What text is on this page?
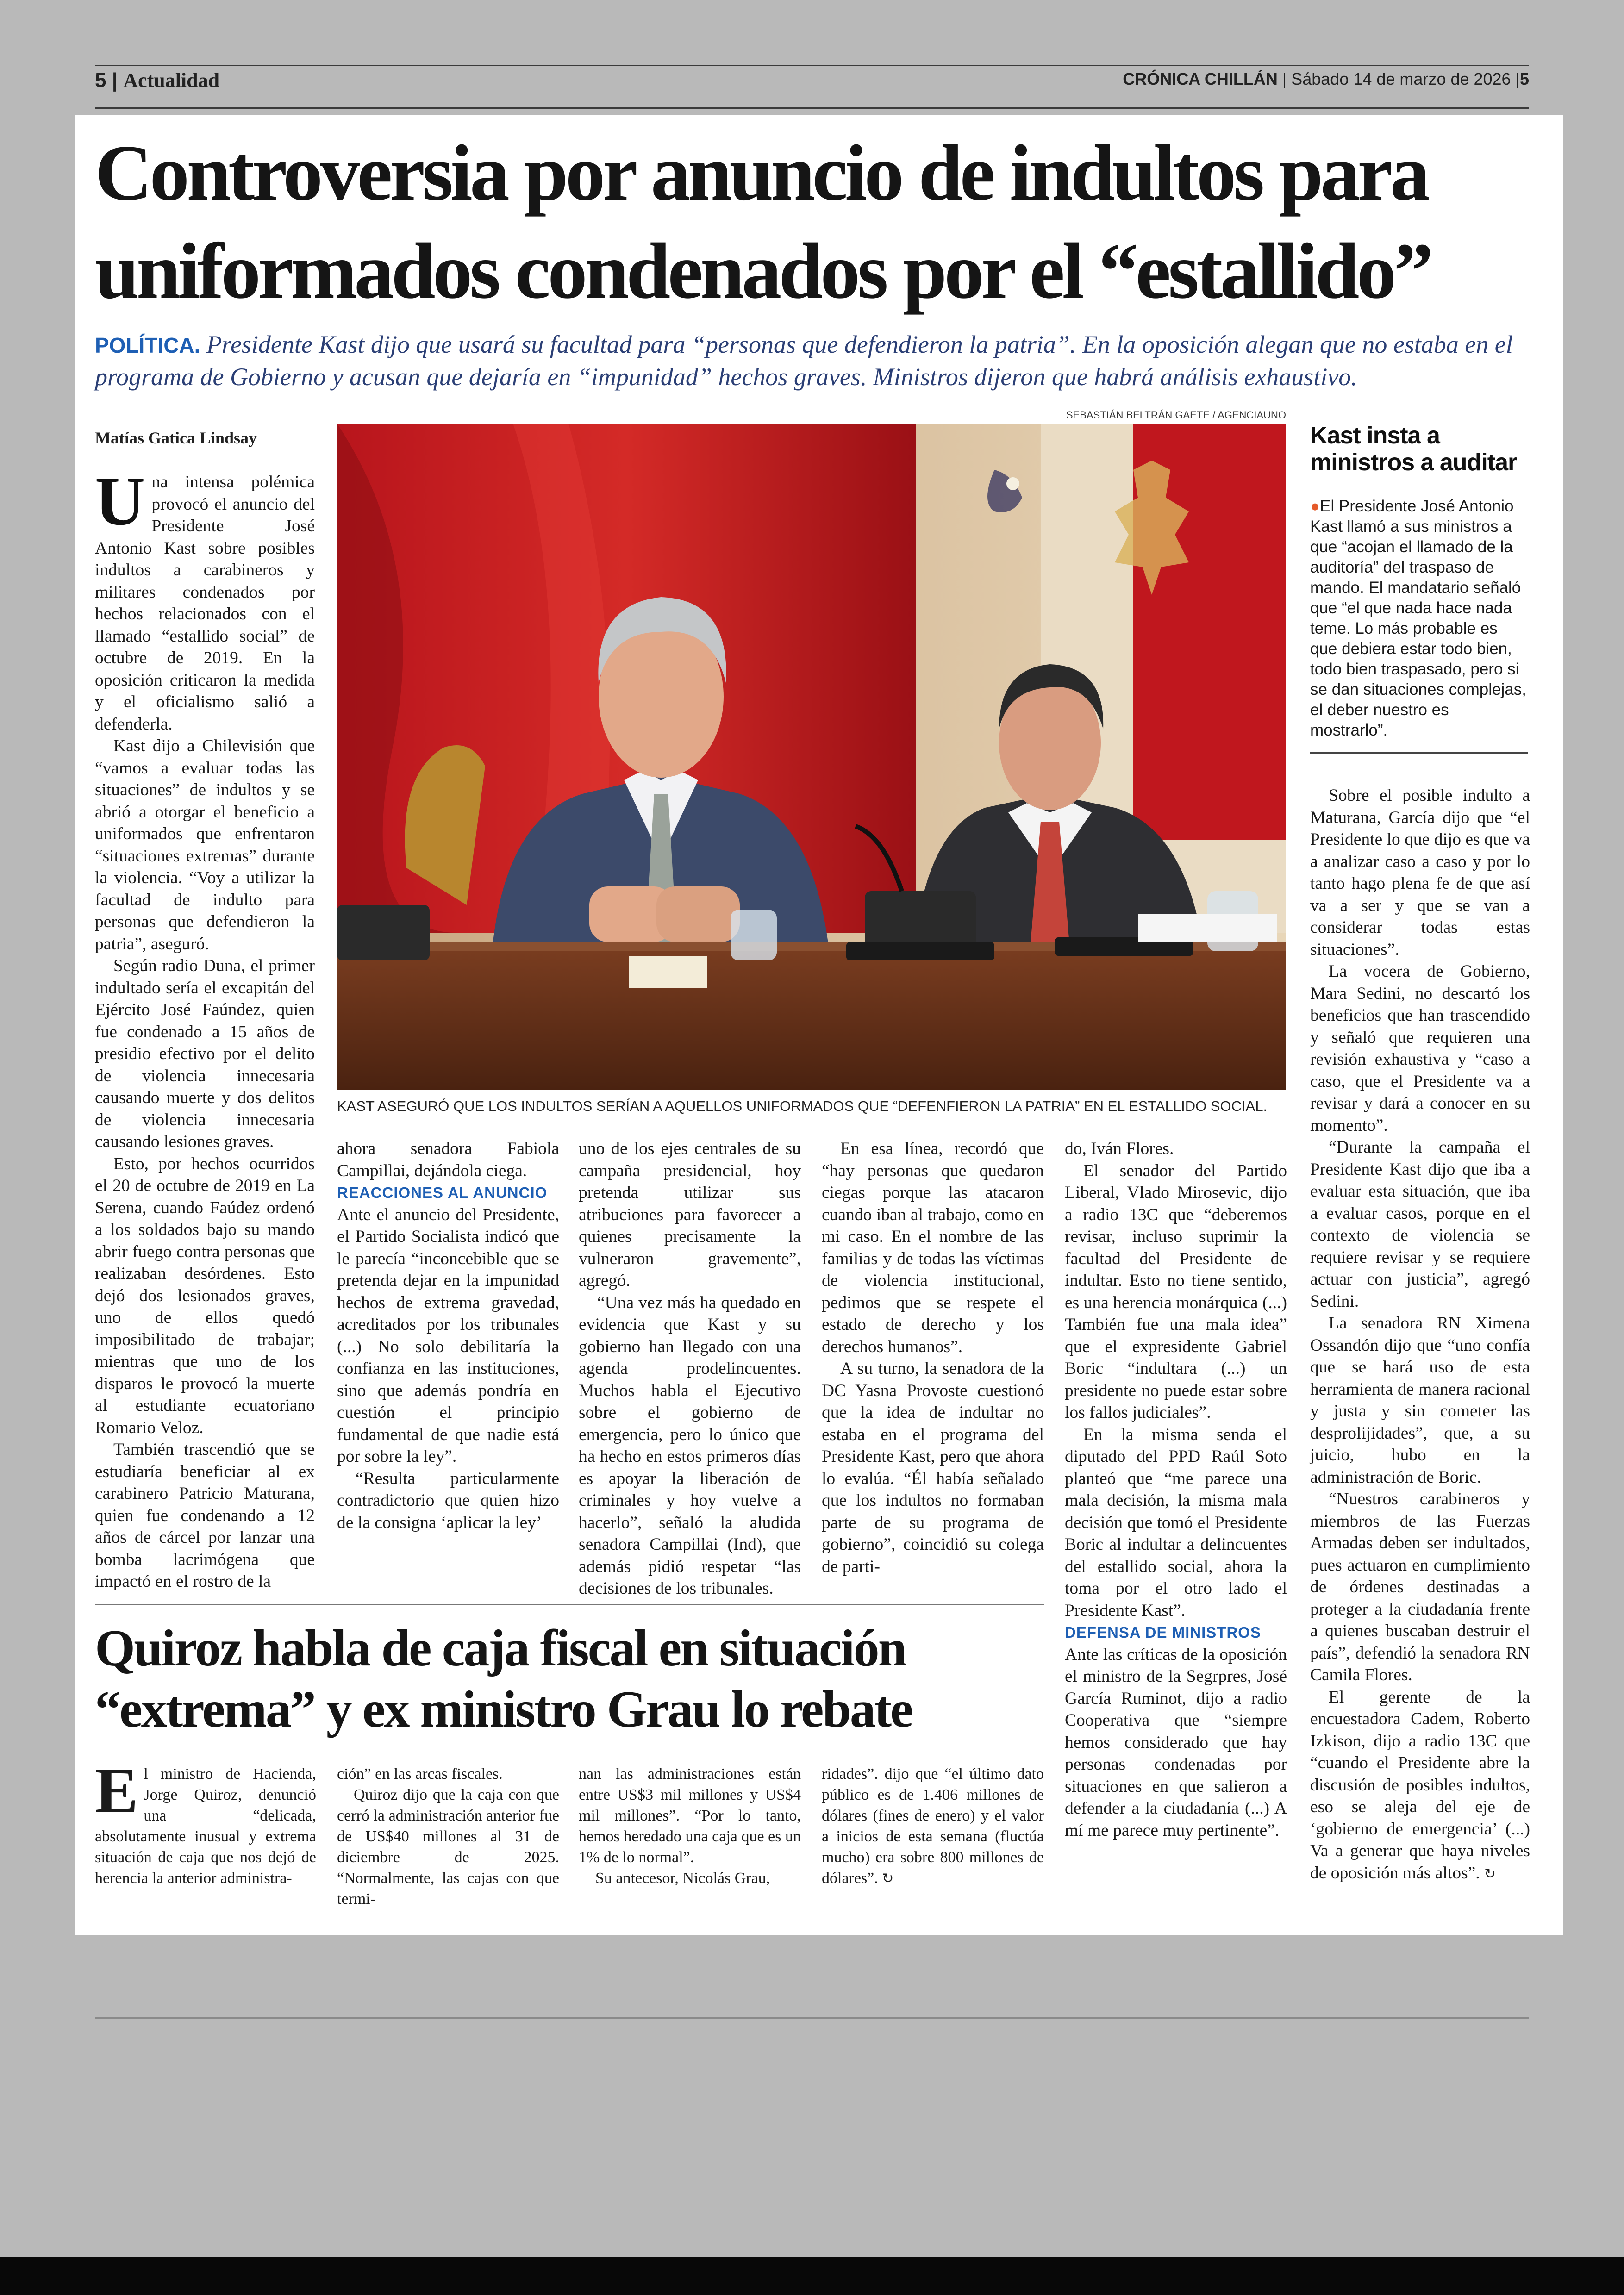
5 | Actualidad	CRÓNICA CHILLÁN | Sábado 14 de marzo de 2026 |5
Controversia por anuncio de indultos para
uniformados condenados por el “estallido”
POLÍTICA. Presidente Kast dijo que usará su facultad para “personas que defendieron la patria”. En la oposición alegan que no estaba en el programa de Gobierno y acusan que dejaría en “impunidad” hechos graves. Ministros dijeron que habrá análisis exhaustivo.
SEBASTIÁN BELTRÁN GAETE / AGENCIAUNO
Matías Gatica Lindsay
KAST ASEGURÓ QUE LOS INDULTOS SERÍAN A AQUELLOS UNIFORMADOS QUE “DEFENFIERON LA PATRIA” EN EL ESTALLIDO SOCIAL.

Una intensa polémica provocó el anuncio del Presidente José Antonio Kast sobre posibles indultos a carabineros y militares condenados por hechos relacionados con el llamado “estallido social” de octubre de 2019. En la oposición criticaron la medida y el oficialismo salió a defenderla.

Kast dijo a Chilevisión que “vamos a evaluar todas las situaciones” de indultos y se abrió a otorgar el beneficio a uniformados que enfrentaron “situaciones extremas” durante la violencia. “Voy a utilizar la facultad de indulto para personas que defendieron la patria”, aseguró.

Según radio Duna, el primer indultado sería el excapitán del Ejército José Faúndez, quien fue condenado a 15 años de presidio efectivo por el delito de violencia innecesaria causando muerte y dos delitos de violencia innecesaria causando lesiones graves.

Esto, por hechos ocurridos el 20 de octubre de 2019 en La Serena, cuando Faúdez ordenó a los soldados bajo su mando abrir fuego contra personas que realizaban desórdenes. Esto dejó dos lesionados graves, uno de ellos quedó imposibilitado de trabajar; mientras que uno de los disparos le provocó la muerte al estudiante ecuatoriano Romario Veloz.

También trascendió que se estudiaría beneficiar al ex carabinero Patricio Maturana, quien fue condenando a 12 años de cárcel por lanzar una bomba lacrimógena que impactó en el rostro de la

ahora senadora Fabiola Campillai, dejándola ciega.

REACCIONES AL ANUNCIO

Ante el anuncio del Presidente, el Partido Socialista indicó que le parecía “inconcebible que se pretenda dejar en la impunidad hechos de extrema gravedad, acreditados por los tribunales (...) No solo debilitaría la confianza en las instituciones, sino que además pondría en cuestión el principio fundamental de que nadie está por sobre la ley”.

“Resulta particularmente contradictorio que quien hizo de la consigna ‘aplicar la ley’

uno de los ejes centrales de su campaña presidencial, hoy pretenda utilizar sus atribuciones para favorecer a quienes precisamente la vulneraron gravemente”, agregó.

“Una vez más ha quedado en evidencia que Kast y su gobierno han llegado con una agenda prodelincuentes. Muchos habla el Ejecutivo sobre el gobierno de emergencia, pero lo único que ha hecho en estos primeros días es apoyar la liberación de criminales y hoy vuelve a hacerlo”, señaló la aludida senadora Campillai (Ind), que además pidió respetar “las decisiones de los tribunales.

En esa línea, recordó que “hay personas que quedaron ciegas porque las atacaron cuando iban al trabajo, como en mi caso. En el nombre de las familias y de todas las víctimas de violencia institucional, pedimos que se respete el estado de derecho y los derechos humanos”.

A su turno, la senadora de la DC Yasna Provoste cuestionó que la idea de indultar no estaba en el programa del Presidente Kast, pero que ahora lo evalúa. “Él había señalado que los indultos no formaban parte de su programa de gobierno”, coincidió su colega de parti-

do, Iván Flores.

El senador del Partido Liberal, Vlado Mirosevic, dijo a radio 13C que “deberemos revisar, incluso suprimir la facultad del Presidente de indultar. Esto no tiene sentido, es una herencia monárquica (...) También fue una mala idea” que el expresidente Gabriel Boric “indultara (...) un presidente no puede estar sobre los fallos judiciales”.

En la misma senda el diputado del PPD Raúl Soto planteó que “me parece una mala decisión, la misma mala decisión que tomó el Presidente Boric al indultar a delincuentes del estallido social, ahora la toma por el otro lado el Presidente Kast”.

DEFENSA DE MINISTROS

Ante las críticas de la oposición el ministro de la Segrpres, José García Ruminot, dijo a radio Cooperativa que “siempre hemos considerado que hay personas condenadas por situaciones en que salieron a defender a la ciudadanía (...) A mí me parece muy pertinente”.

Kast insta a ministros a auditar
●El Presidente José Antonio Kast llamó a sus ministros a que “acojan el llamado de la auditoría” del traspaso de mando. El mandatario señaló que “el que nada hace nada teme. Lo más probable es que debiera estar todo bien, todo bien traspasado, pero si se dan situaciones complejas, el deber nuestro es mostrarlo”.

Sobre el posible indulto a Maturana, García dijo que “el Presidente lo que dijo es que va a analizar caso a caso y por lo tanto hago plena fe de que así va a ser y que se van a considerar todas estas situaciones”.

La vocera de Gobierno, Mara Sedini, no descartó los beneficios que han trascendido y señaló que requieren una revisión exhaustiva y “caso a caso, que el Presidente va a revisar y dará a conocer en su momento”.

“Durante la campaña el Presidente Kast dijo que iba a evaluar esta situación, que iba a evaluar casos, porque en el contexto de violencia se requiere revisar y se requiere actuar con justicia”, agregó Sedini.

La senadora RN Ximena Ossandón dijo que “uno confía que se hará uso de esta herramienta de manera racional y justa y sin cometer las desprolijidades”, que, a su juicio, hubo en la administración de Boric.

“Nuestros carabineros y miembros de las Fuerzas Armadas deben ser indultados, pues actuaron en cumplimiento de órdenes destinadas a proteger a la ciudadanía frente a quienes buscaban destruir el país”, defendió la senadora RN Camila Flores.

El gerente de la encuestadora Cadem, Roberto Izkison, dijo a radio 13C que “cuando el Presidente abre la discusión de posibles indultos, eso se aleja del eje de ‘gobierno de emergencia’ (...) Va a generar que haya niveles de oposición más altos”. ↻

Quiroz habla de caja fiscal en situación
“extrema” y ex ministro Grau lo rebate

El ministro de Hacienda, Jorge Quiroz, denunció una “delicada, absolutamente inusual y extrema situación de caja que nos dejó de herencia la anterior administra-

ción” en las arcas fiscales.

Quiroz dijo que la caja con que cerró la administración anterior fue de US$40 millones al 31 de diciembre de 2025. “Normalmente, las cajas con que termi-

nan las administraciones están entre US$3 mil millones y US$4 mil millones”. “Por lo tanto, hemos heredado una caja que es un 1% de lo normal”.

Su antecesor, Nicolás Grau,

ridades”. dijo que “el último dato público es de 1.406 millones de dólares (fines de enero) y el valor a inicios de esta semana (fluctúa mucho) era sobre 800 millones de dólares”. ↻
